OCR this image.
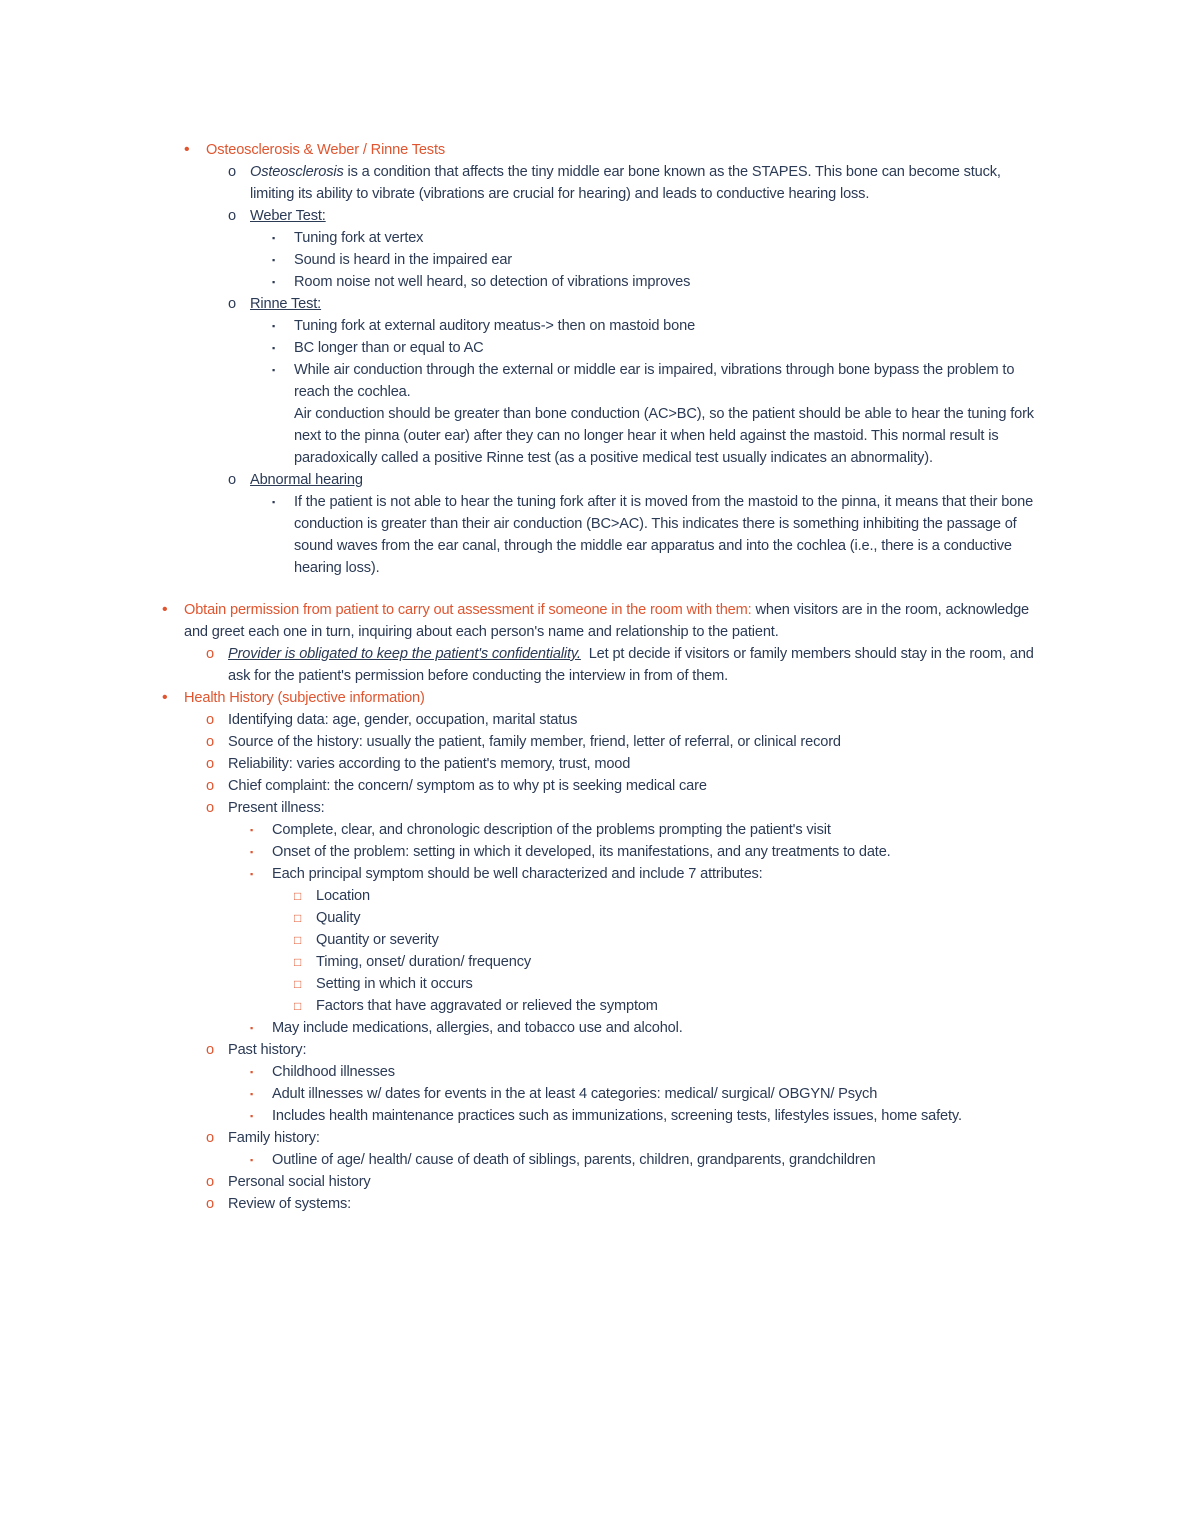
•	Osteosclerosis & Weber / Rinne Tests
o Osteosclerosis is a condition that affects the tiny middle ear bone known as the STAPES. This bone can become stuck, limiting its ability to vibrate (vibrations are crucial for hearing) and leads to conductive hearing loss.
o Weber Test:
▪	Tuning fork at vertex
▪	Sound is heard in the impaired ear
▪	Room noise not well heard, so detection of vibrations improves
o Rinne Test:
▪	Tuning fork at external auditory meatus-> then on mastoid bone
▪	BC longer than or equal to AC
▪	While air conduction through the external or middle ear is impaired, vibrations through bone bypass the problem to reach the cochlea.
Air conduction should be greater than bone conduction (AC>BC), so the patient should be able to hear the tuning fork next to the pinna (outer ear) after they can no longer hear it when held against the mastoid. This normal result is paradoxically called a positive Rinne test (as a positive medical test usually indicates an abnormality).
o Abnormal hearing
▪	If the patient is not able to hear the tuning fork after it is moved from the mastoid to the pinna, it means that their bone conduction is greater than their air conduction (BC>AC). This indicates there is something inhibiting the passage of sound waves from the ear canal, through the middle ear apparatus and into the cochlea (i.e., there is a conductive hearing loss).
•	Obtain permission from patient to carry out assessment if someone in the room with them: when visitors are in the room, acknowledge and greet each one in turn, inquiring about each person's name and relationship to the patient.
o Provider is obligated to keep the patient's confidentiality.  Let pt decide if visitors or family members should stay in the room, and ask for the patient's permission before conducting the interview in from of them.
•	Health History (subjective information)
o Identifying data: age, gender, occupation, marital status
o Source of the history: usually the patient, family member, friend, letter of referral, or clinical record
o Reliability: varies according to the patient's memory, trust, mood
o Chief complaint: the concern/ symptom as to why pt is seeking medical care
o Present illness:
▪	Complete, clear, and chronologic description of the problems prompting the patient's visit
▪	Onset of the problem: setting in which it developed, its manifestations, and any treatments to date.
▪	Each principal symptom should be well characterized and include 7 attributes:
□	Location
□	Quality
□	Quantity or severity
□	Timing, onset/ duration/ frequency
□	Setting in which it occurs
□	Factors that have aggravated or relieved the symptom
▪	May include medications, allergies, and tobacco use and alcohol.
o Past history:
▪	Childhood illnesses
▪	Adult illnesses w/ dates for events in the at least 4 categories: medical/ surgical/ OBGYN/ Psych
▪	Includes health maintenance practices such as immunizations, screening tests, lifestyles issues, home safety.
o Family history:
▪	Outline of age/ health/ cause of death of siblings, parents, children, grandparents, grandchildren
o Personal social history
o Review of systems:
